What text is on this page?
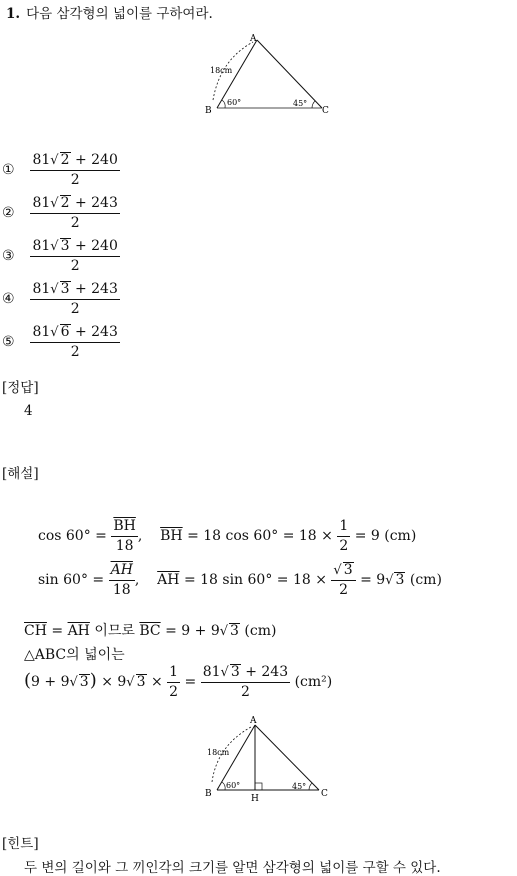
1. 다음 삼각형의 넓이를 구하여라.
A
B	C
18cm
60°	45°
① $\frac{81√ 2 + 240}{2}$
② $\frac{81√ 2 + 243}{2}$
③ $\frac{81√ 3 + 240}{2}$
④ $\frac{81√ 3 + 243}{2}$
⑤ $\frac{81√ 6 + 243}{2}$
[정답]
4
[해설]
$\cos 60^\circ = \frac{\overline{BH}}{18}$ , $\overline{BH} = 18$ $\cos 60^\circ = 18 \times \frac{1}{2} = 9$ (cm)
$\sin 60^\circ = \frac{\overline{AH}}{18}$ , $\overline{AH} = 18$ $\sin 60^\circ = 18 \times \frac{√ 3}{2} = 9√$ 3 (cm)
$\overline{CH} = \overline{AH}$ 이므로 $\overline{BC} = 9 + 9√$ 3 (cm)
△ABC의 넓이는
(9 + 9√ 3) × 9√ $3 \times \frac{1}{2} = \frac{81√ 3 + 243}{2} (cm^2)$
A
B	C
H
18cm
60°	45°
[힌트]
두 변의 길이와 그 끼인각의 크기를 알면 삼각형의 넓이를 구할 수 있다.
